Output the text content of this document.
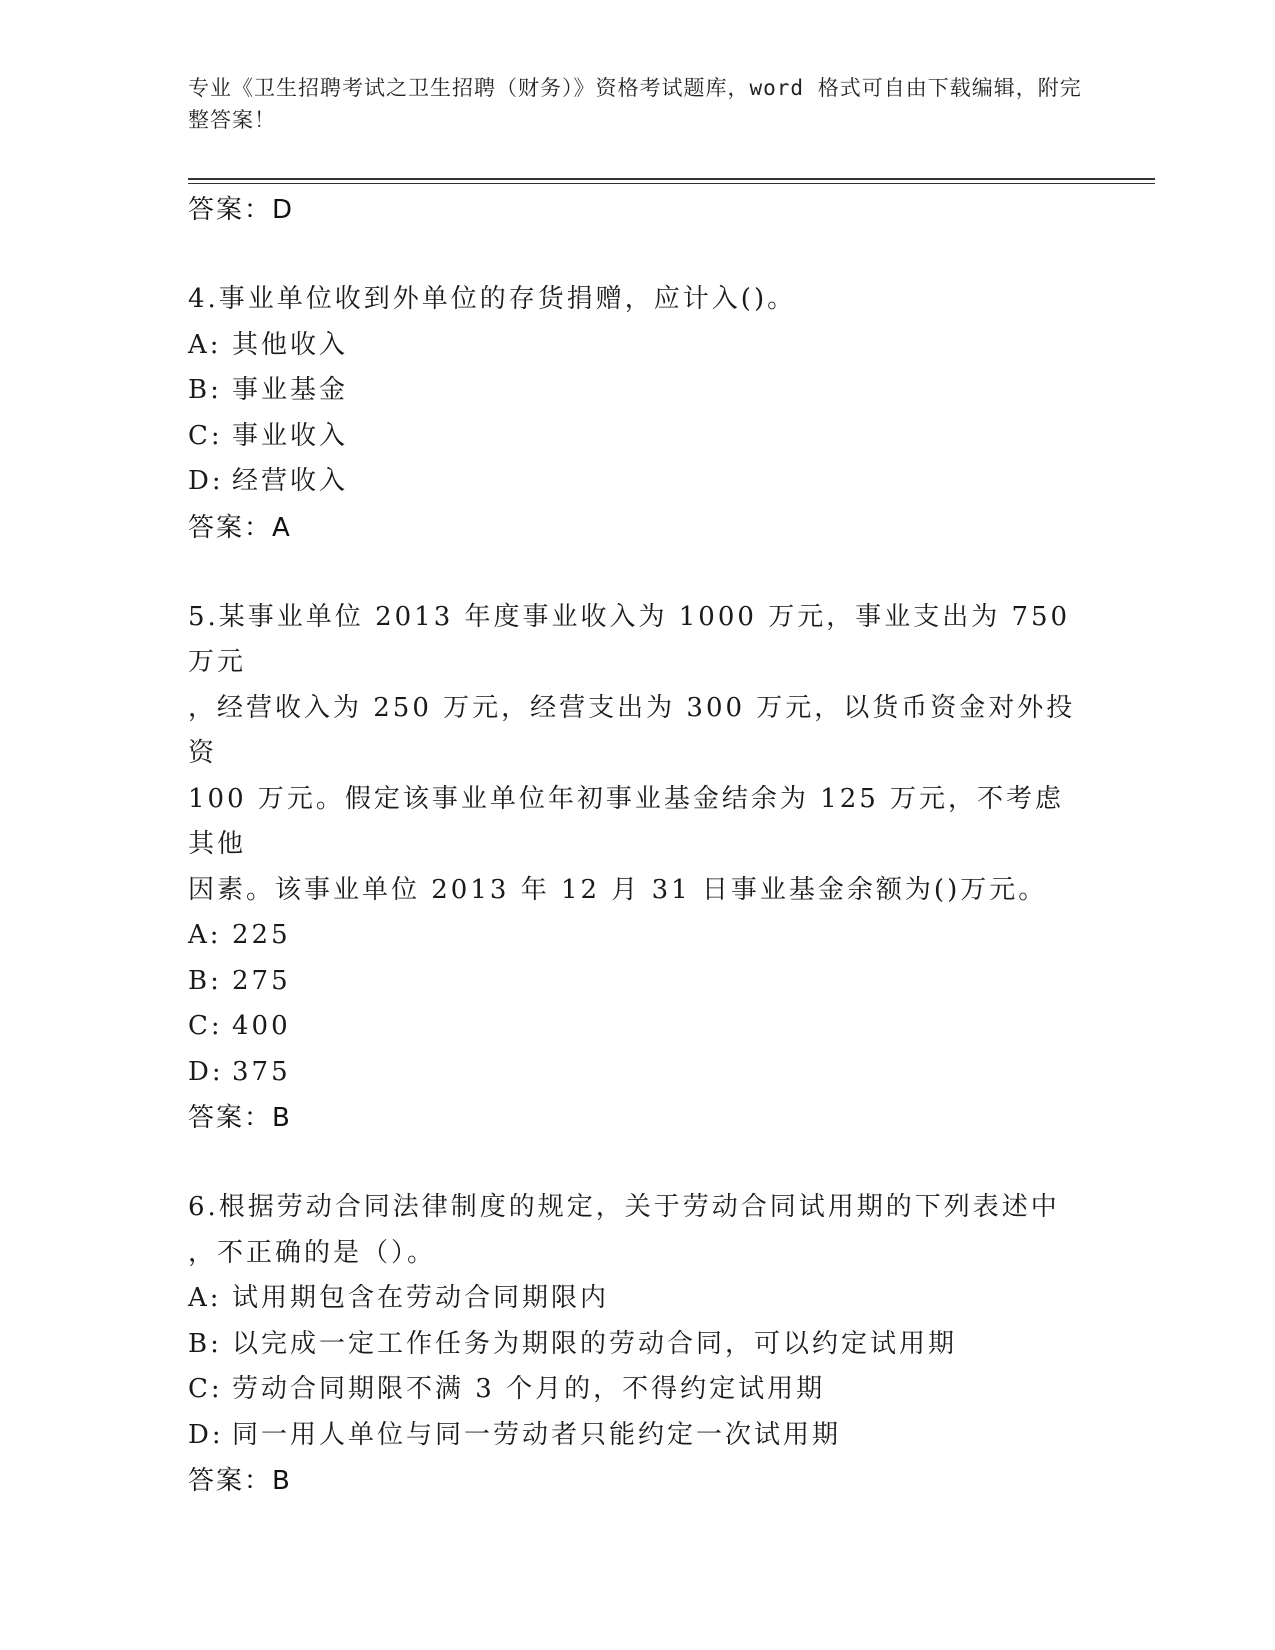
专业《卫生招聘考试之卫生招聘（财务）》资格考试题库，word 格式可自由下载编辑，附完整答案！
答案：D
4.事业单位收到外单位的存货捐赠，应计入()。
A: 其他收入
B: 事业基金
C: 事业收入
D: 经营收入
答案：A
5.某事业单位 2013 年度事业收入为 1000 万元，事业支出为 750 万元
，经营收入为 250 万元，经营支出为 300 万元，以货币资金对外投资
100 万元。假定该事业单位年初事业基金结余为 125 万元，不考虑其他
因素。该事业单位 2013 年 12 月 31 日事业基金余额为()万元。
A: 225
B: 275
C: 400
D: 375
答案：B
6.根据劳动合同法律制度的规定，关于劳动合同试用期的下列表述中
，不正确的是（）。
A: 试用期包含在劳动合同期限内
B: 以完成一定工作任务为期限的劳动合同，可以约定试用期
C: 劳动合同期限不满 3 个月的，不得约定试用期
D: 同一用人单位与同一劳动者只能约定一次试用期
答案：B
